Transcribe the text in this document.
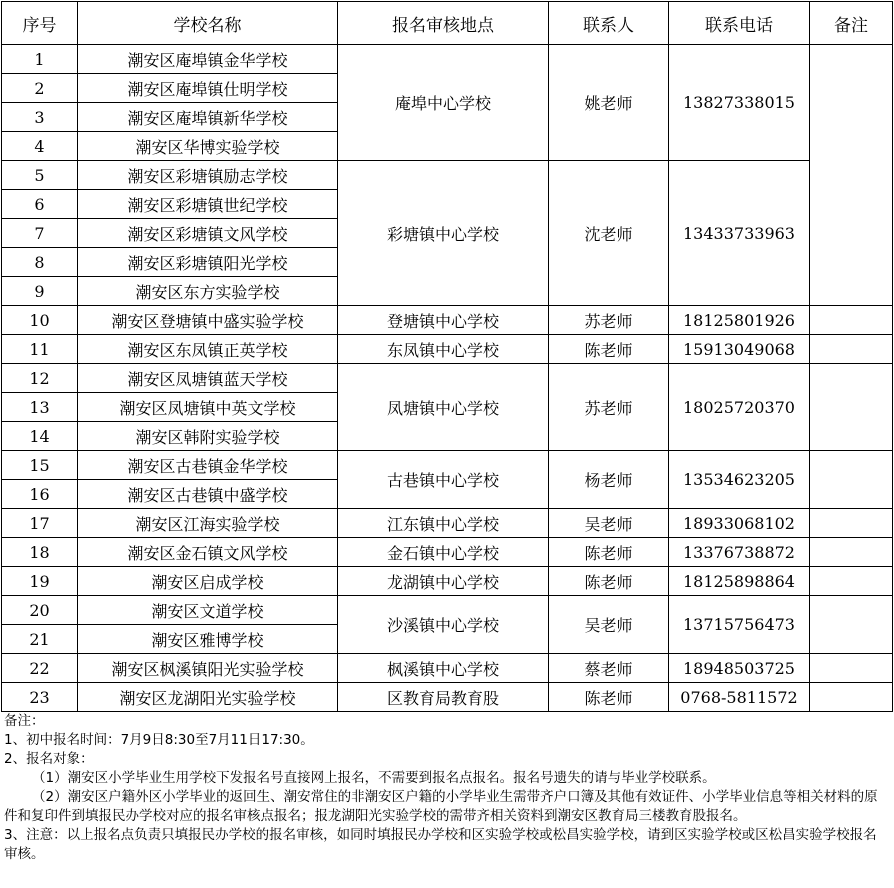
序号	学校名称	报名审核地点	联系人	联系电话	备注
1	潮安区庵埠镇金华学校	庵埠中心学校	姚老师	13827338015	
2	潮安区庵埠镇仕明学校				
3	潮安区庵埠镇新华学校				
4	潮安区华博实验学校				
5	潮安区彩塘镇励志学校	彩塘镇中心学校	沈老师	13433733963	
6	潮安区彩塘镇世纪学校				
7	潮安区彩塘镇文风学校				
8	潮安区彩塘镇阳光学校				
9	潮安区东方实验学校				
10	潮安区登塘镇中盛实验学校	登塘镇中心学校	苏老师	18125801926	
11	潮安区东凤镇正英学校	东凤镇中心学校	陈老师	15913049068	
12	潮安区凤塘镇蓝天学校	凤塘镇中心学校	苏老师	18025720370	
13	潮安区凤塘镇中英文学校				
14	潮安区韩附实验学校				
15	潮安区古巷镇金华学校	古巷镇中心学校	杨老师	13534623205	
16	潮安区古巷镇中盛学校				
17	潮安区江海实验学校	江东镇中心学校	吴老师	18933068102	
18	潮安区金石镇文风学校	金石镇中心学校	陈老师	13376738872	
19	潮安区启成学校	龙湖镇中心学校	陈老师	18125898864	
20	潮安区文道学校	沙溪镇中心学校	吴老师	13715756473	
21	潮安区雅博学校				
22	潮安区枫溪镇阳光实验学校	枫溪镇中心学校	蔡老师	18948503725	
23	潮安区龙湖阳光实验学校	区教育局教育股	陈老师	0768-5811572	

备注：

1、初中报名时间：7月9日8:30至7月11日17:30。

2、报名对象：

（1）潮安区小学毕业生用学校下发报名号直接网上报名，不需要到报名点报名。报名号遗失的请与毕业学校联系。

（2）潮安区户籍外区小学毕业的返回生、潮安常住的非潮安区户籍的小学毕业生需带齐户口簿及其他有效证件、小学毕业信息等相关材料的原件和复印件到填报民办学校对应的报名审核点报名；报龙湖阳光实验学校的需带齐相关资料到潮安区教育局三楼教育股报名。

3、注意：以上报名点负责只填报民办学校的报名审核，如同时填报民办学校和区实验学校或松昌实验学校，请到区实验学校或区松昌实验学校报名审核。
